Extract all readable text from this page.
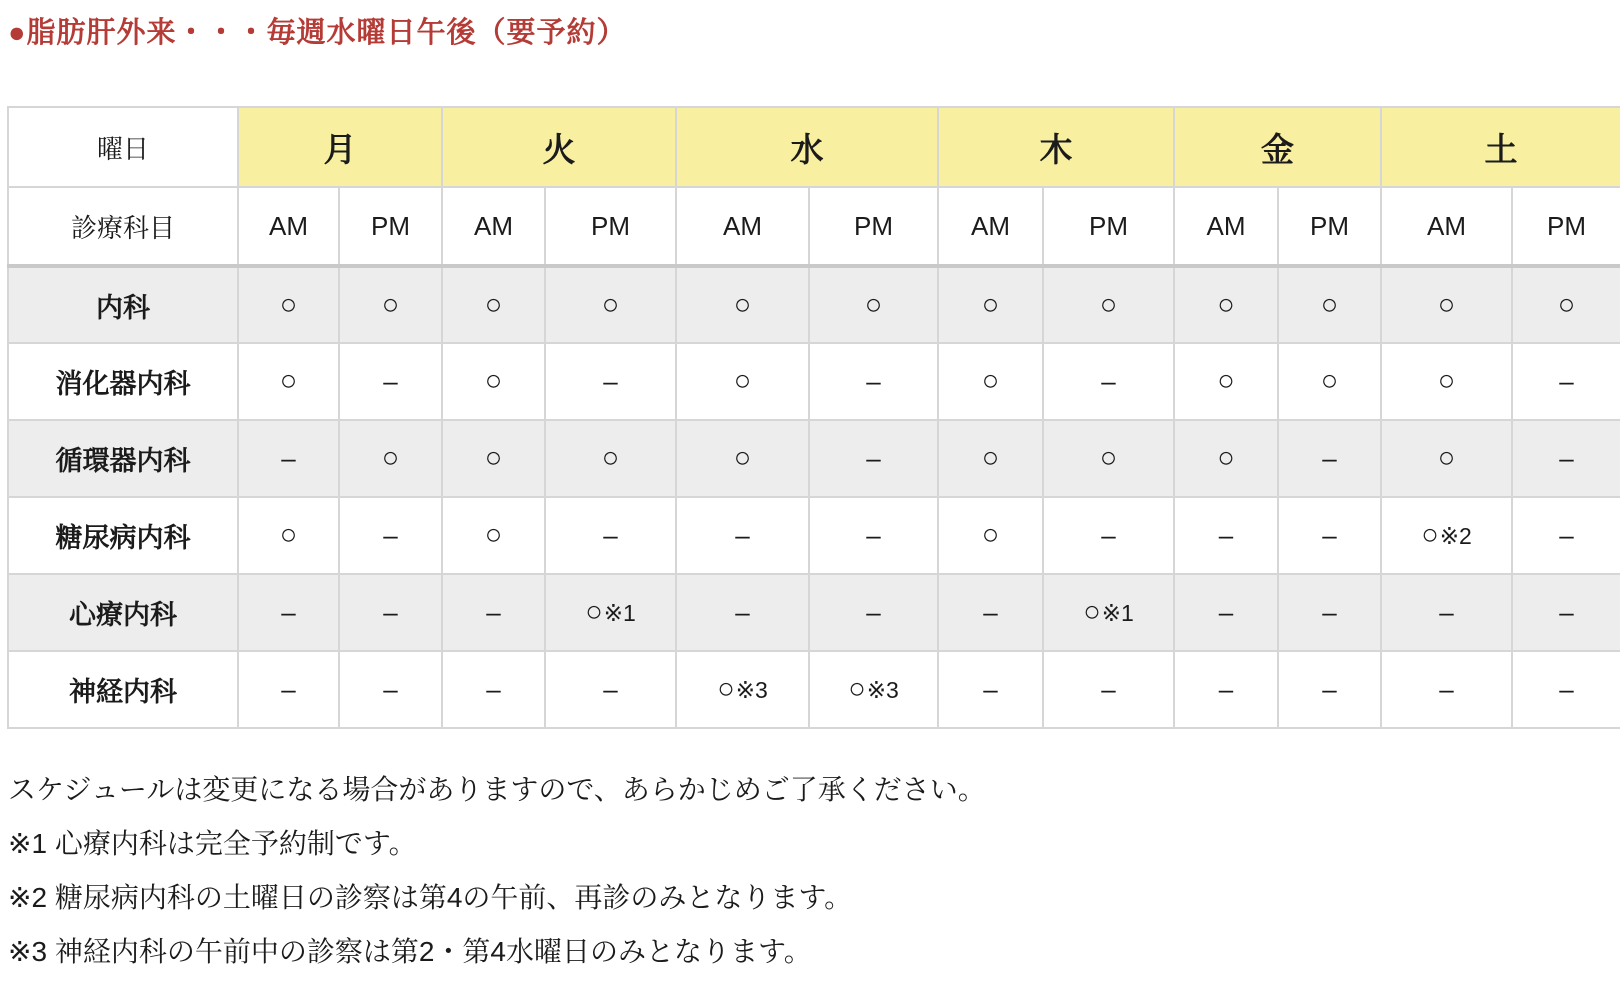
●脂肪肝外来・・・毎週水曜日午後（要予約）
曜日	月		火		水		木		金		土	
診療科目	AM	PM	AM	PM	AM	PM	AM	PM	AM	PM	AM	PM
内科	○	○	○	○	○	○	○	○	○	○	○	○
消化器内科	○	–	○	–	○	–	○	–	○	○	○	–
循環器内科	–	○	○	○	○	–	○	○	○	–	○	–
糖尿病内科	○	–	○	–	–	–	○	–	–	–	○※2	–
心療内科	–	–	–	○※1	–	–	–	○※1	–	–	–	–
神経内科	–	–	–	–	○※3	○※3	–	–	–	–	–	–

スケジュールは変更になる場合がありますので、あらかじめご了承ください。

※1 心療内科は完全予約制です。

※2 糖尿病内科の土曜日の診察は第4の午前、再診のみとなります。

※3 神経内科の午前中の診察は第2・第4水曜日のみとなります。
